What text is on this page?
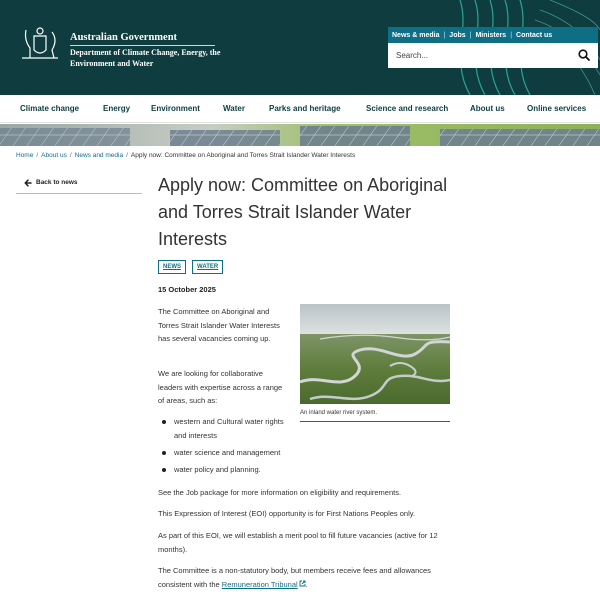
Australian Government
Department of Climate Change, Energy, the Environment and Water
News & media | Jobs | Ministers | Contact us
Search...
Climate change	Energy	Environment	Water	Parks and heritage	Science and research	About us	Online services
Home / About us / News and media / Apply now: Committee on Aboriginal and Torres Strait Islander Water Interests
Back to news	Apply now: Committee on Aboriginal and Torres Strait Islander Water Interests
NEWS	WATER
15 October 2025

The Committee on Aboriginal and Torres Strait Islander Water Interests has several vacancies coming up.

We are looking for collaborative leaders with expertise across a range of areas, such as:

western and Cultural water rights and interests
water science and management
water policy and planning.
An inland water river system.

See the Job package for more information on eligibility and requirements.

This Expression of Interest (EOI) opportunity is for First Nations Peoples only.

As part of this EOI, we will establish a merit pool to fill future vacancies (active for 12 months).

The Committee is a non-statutory body, but members receive fees and allowances consistent with the Remuneration Tribunal .
